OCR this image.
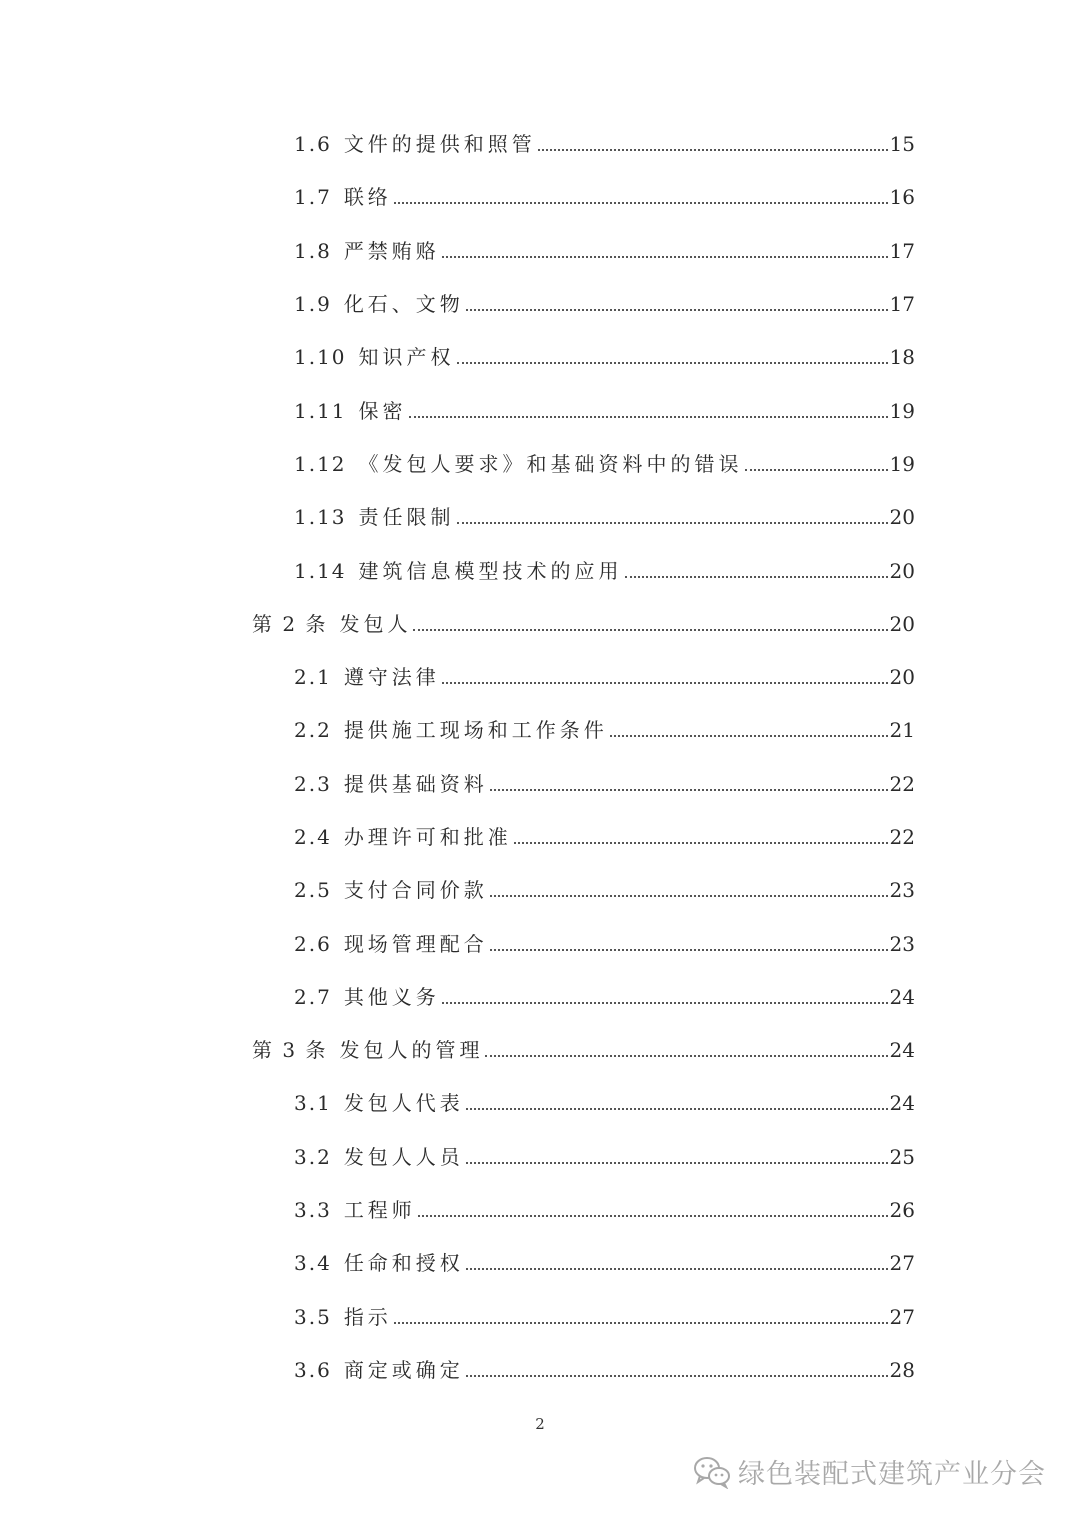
1.6 文件的提供和照管	15
1.7 联络	16
1.8 严禁贿赂	17
1.9 化石、文物	17
1.10 知识产权	18
1.11 保密	19
1.12 《发包人要求》和基础资料中的错误	19
1.13 责任限制	20
1.14 建筑信息模型技术的应用	20
第 2 条 发包人	20
2.1 遵守法律	20
2.2 提供施工现场和工作条件	21
2.3 提供基础资料	22
2.4 办理许可和批准	22
2.5 支付合同价款	23
2.6 现场管理配合	23
2.7 其他义务	24
第 3 条 发包人的管理	24
3.1 发包人代表	24
3.2 发包人人员	25
3.3 工程师	26
3.4 任命和授权	27
3.5 指示	27
3.6 商定或确定	28
2
绿色装配式建筑产业分会
